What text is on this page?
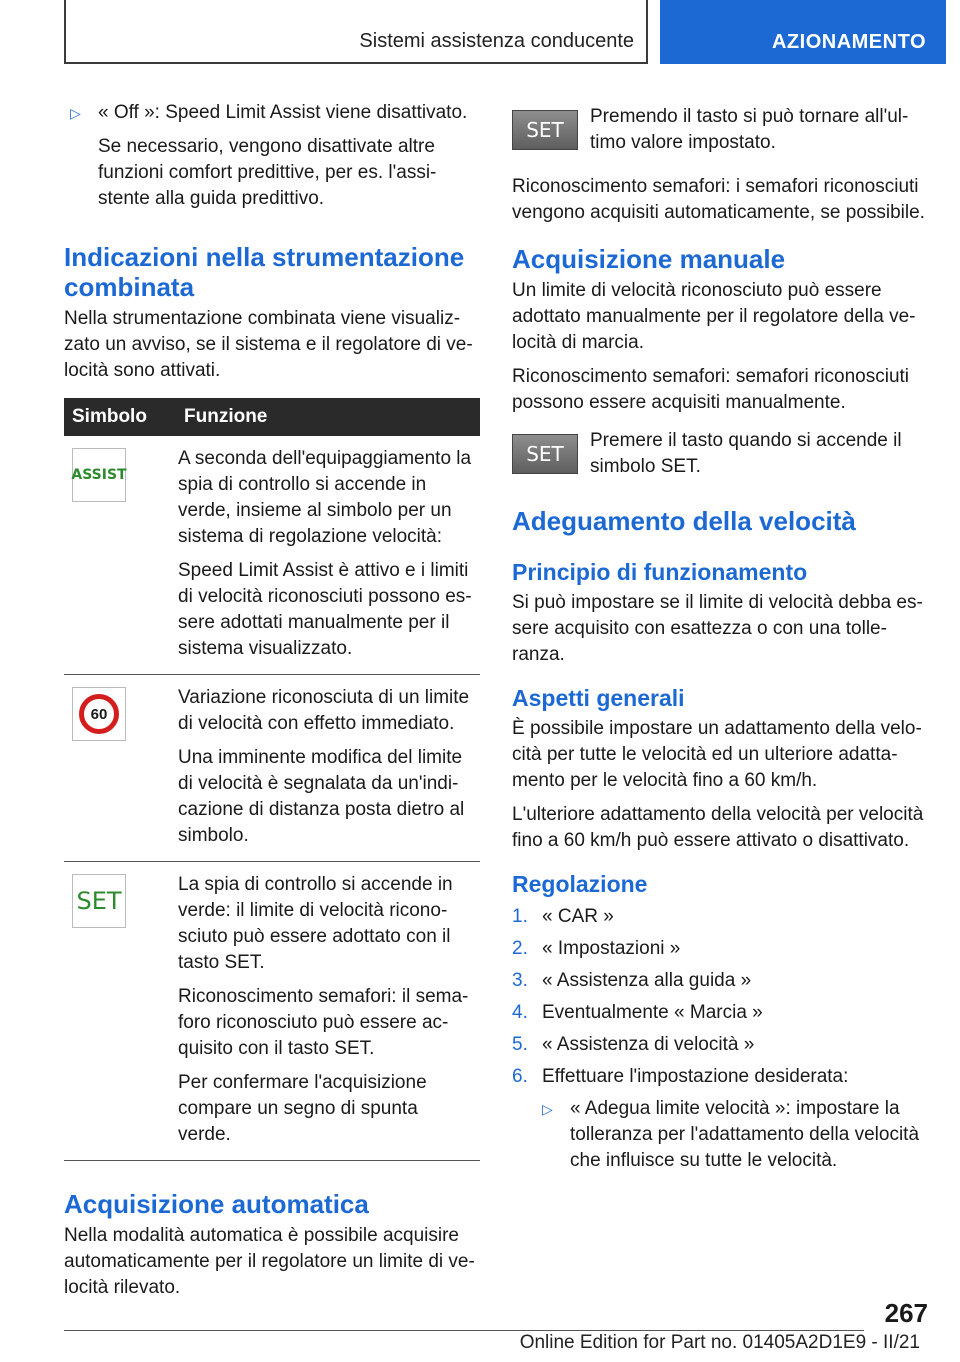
Sistemi assistenza conducente	AZIONAMENTO
▷ « Off »: Speed Limit Assist viene disattivato.

Se necessario, vengono disattivate altre funzioni comfort predittive, per es. l'assistente alla guida predittivo.

Indicazioni nella strumentazione combinata

Nella strumentazione combinata viene visualizzato un avviso, se il sistema e il regolatore di velocità sono attivati.

Simbolo	Funzione

ASSIST	A seconda dell'equipaggiamento la spia di controllo si accende in verde, insieme al simbolo per un sistema di regolazione velocità:

Speed Limit Assist è attivo e i limiti di velocità riconosciuti possono essere adottati manualmente per il sistema visualizzato.

60	Variazione riconosciuta di un limite di velocità con effetto immediato.

Una imminente modifica del limite di velocità è segnalata da un'indicazione di distanza posta dietro al simbolo.

SET	La spia di controllo si accende in verde: il limite di velocità riconosciuto può essere adottato con il tasto SET.

Riconoscimento semafori: il semaforo riconosciuto può essere acquisito con il tasto SET.

Per confermare l'acquisizione compare un segno di spunta verde.

Acquisizione automatica

Nella modalità automatica è possibile acquisire automaticamente per il regolatore un limite di velocità rilevato.

SET

Premendo il tasto si può tornare all'ultimo valore impostato.

Riconoscimento semafori: i semafori riconosciuti vengono acquisiti automaticamente, se possibile.

Acquisizione manuale

Un limite di velocità riconosciuto può essere adottato manualmente per il regolatore della velocità di marcia.

Riconoscimento semafori: semafori riconosciuti possono essere acquisiti manualmente.

SET

Premere il tasto quando si accende il simbolo SET.

Adeguamento della velocità
Principio di funzionamento

Si può impostare se il limite di velocità debba essere acquisito con esattezza o con una tolleranza.

Aspetti generali

È possibile impostare un adattamento della velocità per tutte le velocità ed un ulteriore adattamento per le velocità fino a 60 km/h.

L'ulteriore adattamento della velocità per velocità fino a 60 km/h può essere attivato o disattivato.

Regolazione
1. « CAR »

2. « Impostazioni »

3. « Assistenza alla guida »

4. Eventualmente « Marcia »

5. « Assistenza di velocità »

6. Effettuare l'impostazione desiderata:

▷ « Adegua limite velocità »: impostare la tolleranza per l'adattamento della velocità che influisce su tutte le velocità.

267
Online Edition for Part no. 01405A2D1E9 - II/21
